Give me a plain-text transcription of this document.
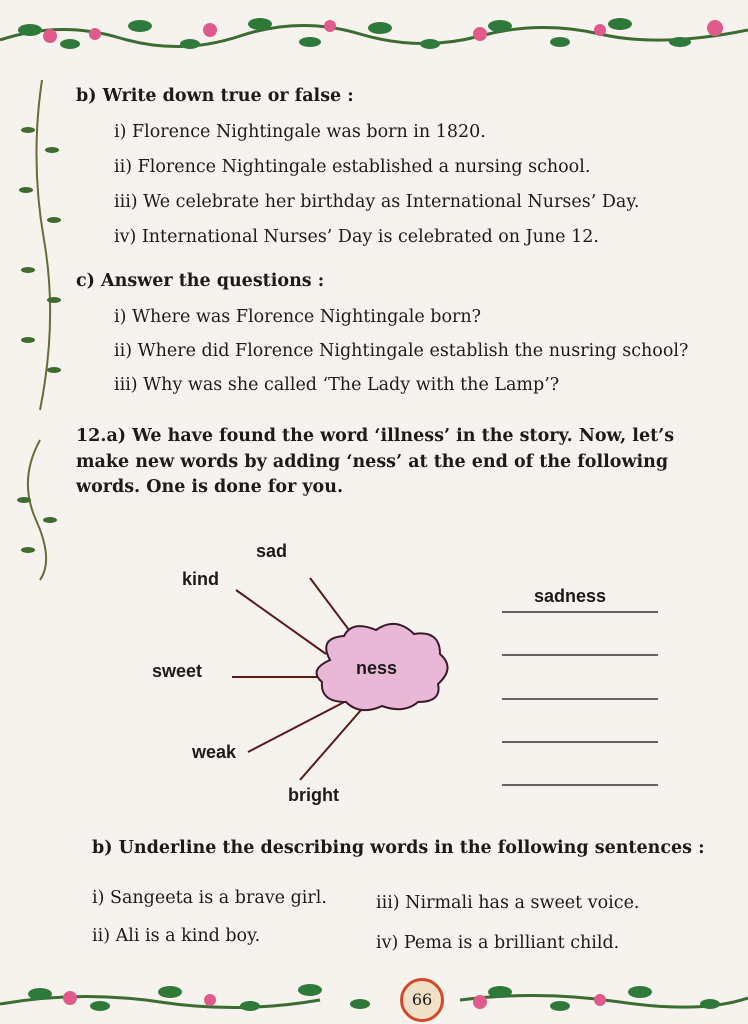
b) Write down true or false :
i) Florence Nightingale was born in 1820.
ii) Florence Nightingale established a nursing school.
iii) We celebrate her birthday as International Nurses’ Day.
iv) International Nurses’ Day is celebrated on June 12.
c) Answer the questions :
i) Where was Florence Nightingale born?
ii) Where did Florence Nightingale establish the nusring school?
iii) Why was she called ‘The Lady with the Lamp’?
12.a) We have found the word ‘illness’ in the story. Now, let’s make new words by adding ‘ness’ at the end of the following words. One is done for you.
sad
kind
sweet
weak
bright
ness
sadness
b) Underline the describing words in the following sentences :
i) Sangeeta is a brave girl.
ii) Ali is a kind boy.
iii) Nirmali has a sweet voice.
iv) Pema is a brilliant child.
66
